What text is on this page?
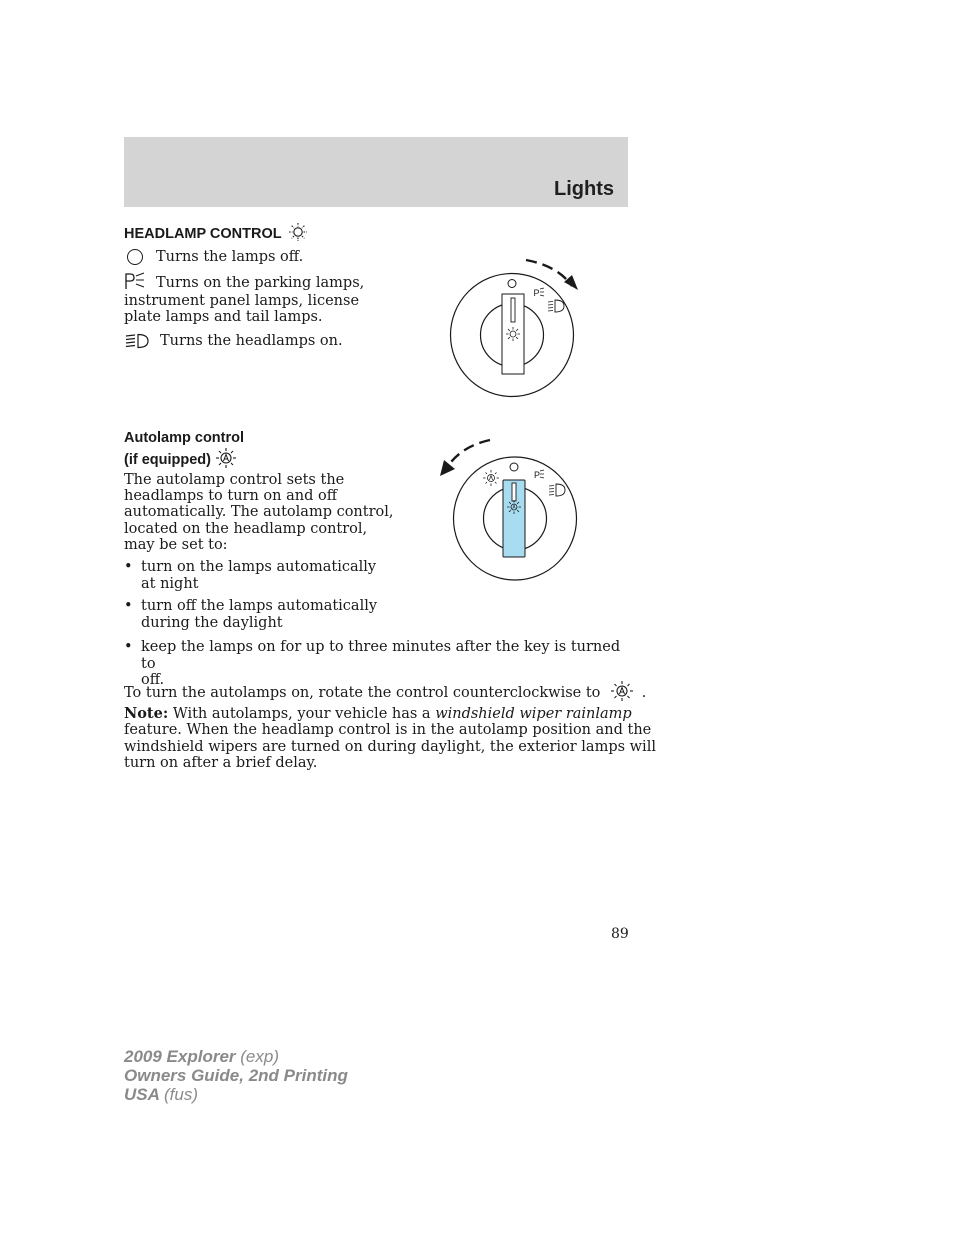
Lights
HEADLAMP CONTROL
Turns the lamps off.
Turns on the parking lamps,
instrument panel lamps, license
plate lamps and tail lamps.
Turns the headlamps on.
P
Autolamp control
(if equipped)
The autolamp control sets the
headlamps to turn on and off
automatically. The autolamp control,
located on the headlamp control,
may be set to:
• turn on the lamps automatically
at night
• turn off the lamps automatically
during the daylight
• keep the lamps on for up to three minutes after the key is turned to
off.
P
To turn the autolamps on, rotate the control counterclockwise to	.
Note: With autolamps, your vehicle has a windshield wiper rainlamp
feature. When the headlamp control is in the autolamp position and the
windshield wipers are turned on during daylight, the exterior lamps will
turn on after a brief delay.
89
2009 Explorer (exp)
Owners Guide, 2nd Printing
USA (fus)
